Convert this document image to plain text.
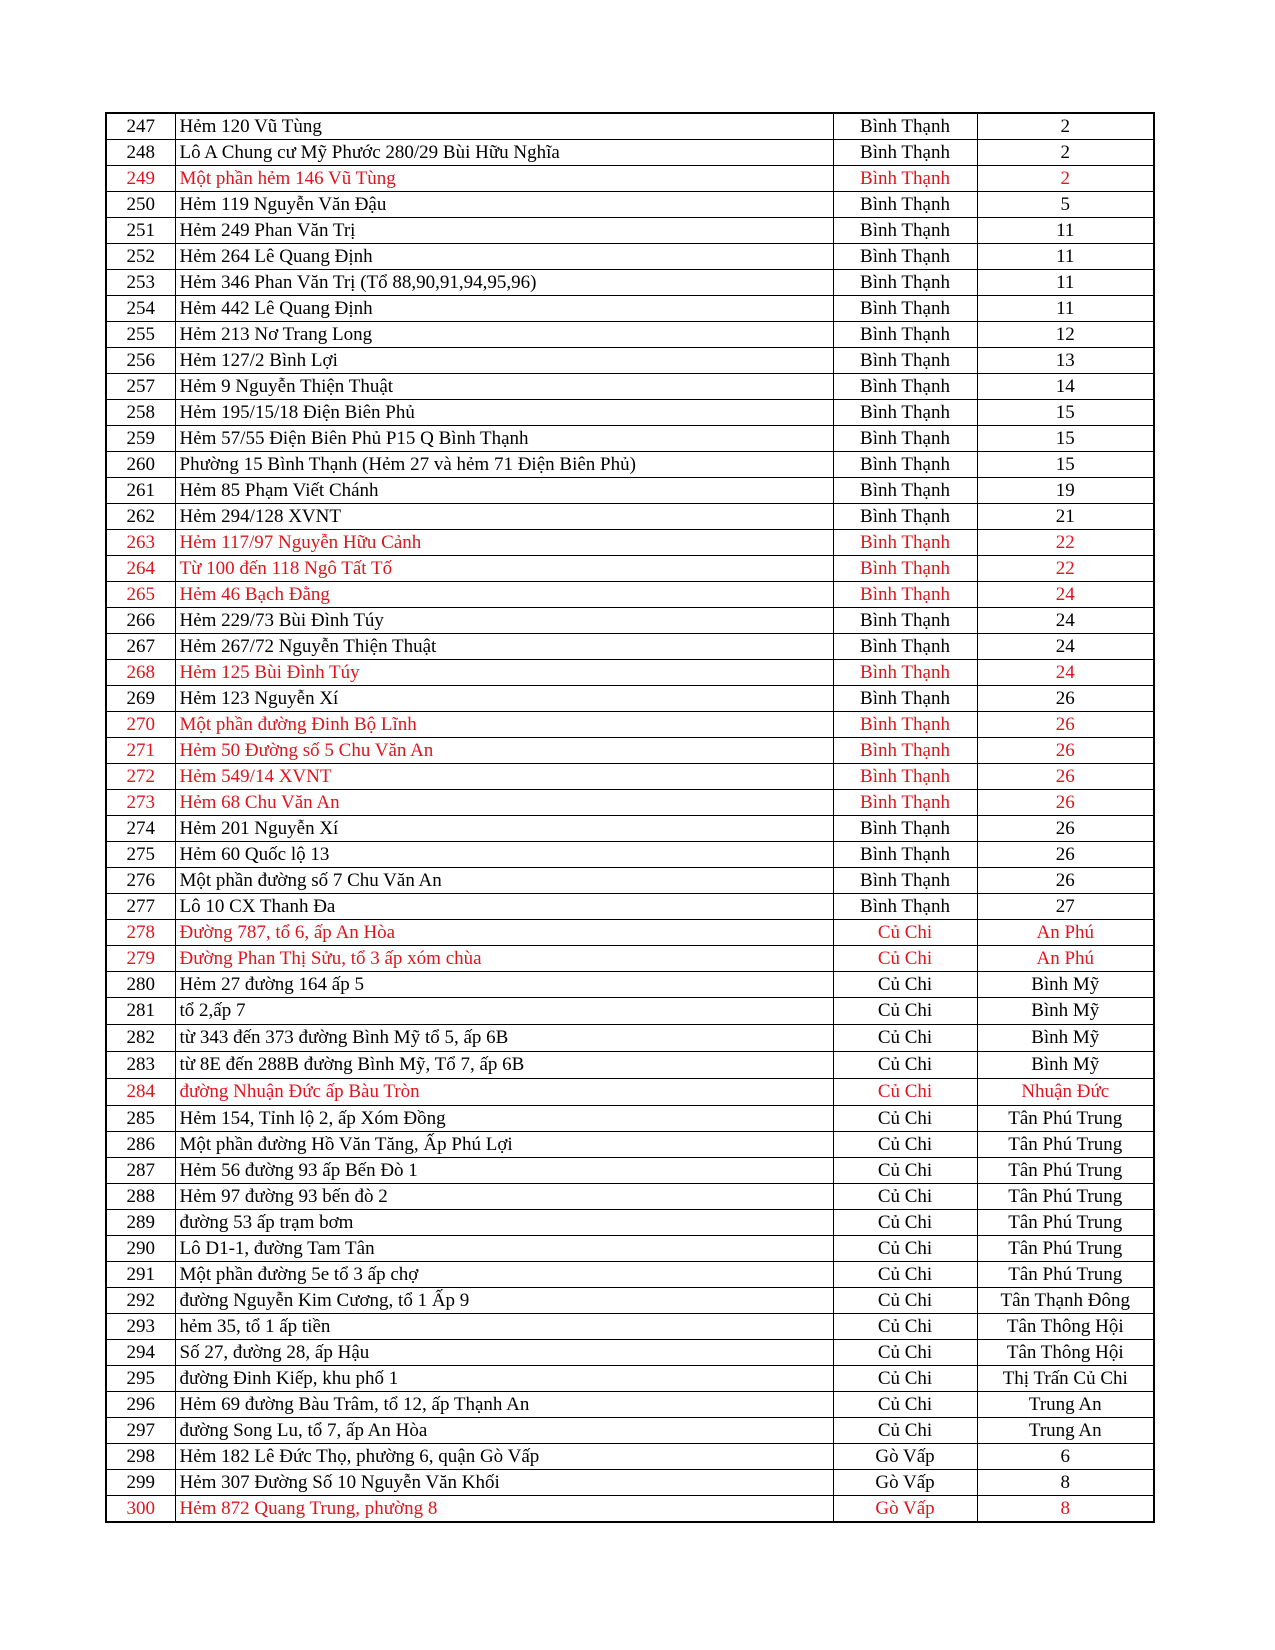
247	Hẻm 120 Vũ Tùng	Bình Thạnh	2
248	Lô A Chung cư Mỹ Phước 280/29 Bùi Hữu Nghĩa	Bình Thạnh	2
249	Một phần hẻm 146 Vũ Tùng	Bình Thạnh	2
250	Hẻm 119 Nguyễn Văn Đậu	Bình Thạnh	5
251	Hẻm 249 Phan Văn Trị	Bình Thạnh	11
252	Hẻm 264 Lê Quang Định	Bình Thạnh	11
253	Hẻm 346 Phan Văn Trị (Tổ 88,90,91,94,95,96)	Bình Thạnh	11
254	Hẻm 442 Lê Quang Định	Bình Thạnh	11
255	Hẻm 213 Nơ Trang Long	Bình Thạnh	12
256	Hẻm 127/2 Bình Lợi	Bình Thạnh	13
257	Hẻm 9 Nguyễn Thiện Thuật	Bình Thạnh	14
258	Hẻm 195/15/18 Điện Biên Phủ	Bình Thạnh	15
259	Hẻm 57/55 Điện Biên Phủ P15 Q Bình Thạnh	Bình Thạnh	15
260	Phường 15 Bình Thạnh (Hẻm 27 và hẻm 71 Điện Biên Phủ)	Bình Thạnh	15
261	Hẻm 85 Phạm Viết Chánh	Bình Thạnh	19
262	Hẻm 294/128 XVNT	Bình Thạnh	21
263	Hẻm 117/97 Nguyễn Hữu Cảnh	Bình Thạnh	22
264	Từ 100 đến 118 Ngô Tất Tố	Bình Thạnh	22
265	Hẻm 46 Bạch Đằng	Bình Thạnh	24
266	Hẻm 229/73 Bùi Đình Túy	Bình Thạnh	24
267	Hẻm 267/72 Nguyễn Thiện Thuật	Bình Thạnh	24
268	Hẻm 125 Bùi Đình Túy	Bình Thạnh	24
269	Hẻm 123 Nguyễn Xí	Bình Thạnh	26
270	Một phần đường Đinh Bộ Lĩnh	Bình Thạnh	26
271	Hẻm 50 Đường số 5 Chu Văn An	Bình Thạnh	26
272	Hẻm 549/14 XVNT	Bình Thạnh	26
273	Hẻm 68 Chu Văn An	Bình Thạnh	26
274	Hẻm 201 Nguyễn Xí	Bình Thạnh	26
275	Hẻm 60 Quốc lộ 13	Bình Thạnh	26
276	Một phần đường số 7 Chu Văn An	Bình Thạnh	26
277	Lô 10 CX Thanh Đa	Bình Thạnh	27
278	Đường 787, tổ 6, ấp An Hòa	Củ Chi	An Phú
279	Đường Phan Thị Sửu, tổ 3 ấp xóm chùa	Củ Chi	An Phú
280	Hẻm 27 đường 164 ấp 5	Củ Chi	Bình Mỹ
281	tổ 2,ấp 7	Củ Chi	Bình Mỹ
282	từ 343 đến 373 đường Bình Mỹ tổ 5, ấp 6B	Củ Chi	Bình Mỹ
283	từ 8E đến 288B đường Bình Mỹ, Tổ 7, ấp 6B	Củ Chi	Bình Mỹ
284	đường Nhuận Đức ấp Bàu Tròn	Củ Chi	Nhuận Đức
285	Hẻm 154, Tỉnh lộ 2, ấp Xóm Đồng	Củ Chi	Tân Phú Trung
286	Một phần đường Hồ Văn Tăng, Ấp Phú Lợi	Củ Chi	Tân Phú Trung
287	Hẻm 56 đường 93 ấp Bến Đò 1	Củ Chi	Tân Phú Trung
288	Hẻm 97 đường 93 bến đò 2	Củ Chi	Tân Phú Trung
289	đường 53 ấp trạm bơm	Củ Chi	Tân Phú Trung
290	Lô D1-1, đường Tam Tân	Củ Chi	Tân Phú Trung
291	Một phần đường 5e tổ 3 ấp chợ	Củ Chi	Tân Phú Trung
292	đường Nguyễn Kim Cương, tổ 1 Ấp 9	Củ Chi	Tân Thạnh Đông
293	hẻm 35, tổ 1 ấp tiền	Củ Chi	Tân Thông Hội
294	Số 27, đường 28, ấp Hậu	Củ Chi	Tân Thông Hội
295	đường Đinh Kiếp, khu phố 1	Củ Chi	Thị Trấn Củ Chi
296	Hẻm 69 đường Bàu Trâm, tổ 12, ấp Thạnh An	Củ Chi	Trung An
297	đường Song Lu, tổ 7, ấp An Hòa	Củ Chi	Trung An
298	Hẻm 182 Lê Đức Thọ, phường 6, quận Gò Vấp	Gò Vấp	6
299	Hẻm 307 Đường Số 10 Nguyễn Văn Khối	Gò Vấp	8
300	Hẻm 872 Quang Trung, phường 8	Gò Vấp	8
